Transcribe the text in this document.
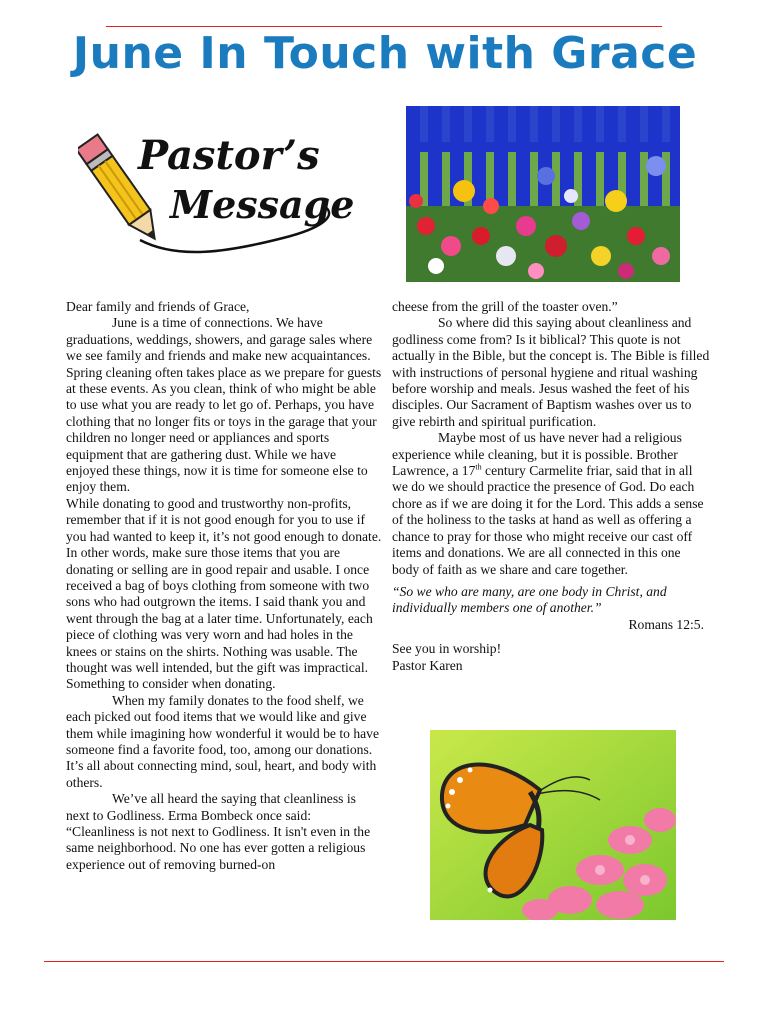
June In Touch with Grace
Pastor’s
Message

Dear family and friends of Grace,

June is a time of connections. We have graduations, weddings, showers, and garage sales where we see family and friends and make new acquaintances. Spring cleaning often takes place as we prepare for guests at these events. As you clean, think of who might be able to use what you are ready to let go of. Perhaps, you have clothing that no longer fits or toys in the garage that your children no longer need or appliances and sports equipment that are gathering dust. While we have enjoyed these things, now it is time for someone else to enjoy them.

While donating to good and trustworthy non-profits, remember that if it is not good enough for you to use if you had wanted to keep it, it’s not good enough to donate. In other words, make sure those items that you are donating or selling are in good repair and usable. I once received a bag of boys clothing from someone with two sons who had outgrown the items. I said thank you and went through the bag at a later time. Unfortunately, each piece of clothing was very worn and had holes in the knees or stains on the shirts. Nothing was usable. The thought was well intended, but the gift was impractical. Something to consider when donating.

When my family donates to the food shelf, we each picked out food items that we would like and give them while imagining how wonderful it would be to have someone find a favorite food, too, among our donations. It’s all about connecting mind, soul, heart, and body with others.

We’ve all heard the saying that cleanliness is next to Godliness. Erma Bombeck once said: “Cleanliness is not next to Godliness. It isn't even in the same neighborhood. No one has ever gotten a religious experience out of removing burned-on

cheese from the grill of the toaster oven.”

So where did this saying about cleanliness and godliness come from? Is it biblical? This quote is not actually in the Bible, but the concept is. The Bible is filled with instructions of personal hygiene and ritual washing before worship and meals. Jesus washed the feet of his disciples. Our Sacrament of Baptism washes over us to give rebirth and spiritual purification.

Maybe most of us have never had a religious experience while cleaning, but it is possible. Brother Lawrence, a 17th century Carmelite friar, said that in all we do we should practice the presence of God. Do each chore as if we are doing it for the Lord. This adds a sense of the holiness to the tasks at hand as well as offering a chance to pray for those who might receive our cast off items and donations. We are all connected in this one body of faith as we share and care together.

“So we who are many, are one body in Christ, and individually members one of another.”

Romans 12:5.

See you in worship!

Pastor Karen
